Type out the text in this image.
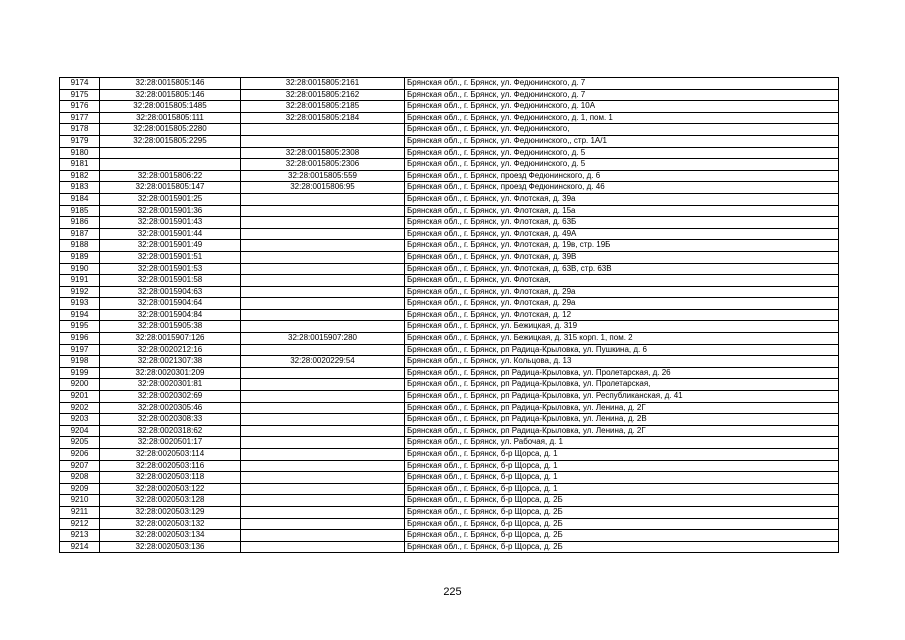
9174	32:28:0015805:146	32:28:0015805:2161	Брянская обл., г. Брянск, ул. Федюнинского, д. 7
9175	32:28:0015805:146	32:28:0015805:2162	Брянская обл., г. Брянск, ул. Федюнинского, д. 7
9176	32:28:0015805:1485	32:28:0015805:2185	Брянская обл., г. Брянск, ул. Федюнинского, д. 10А
9177	32:28:0015805:111	32:28:0015805:2184	Брянская обл., г. Брянск, ул. Федюнинского, д. 1, пом. 1
9178	32:28:0015805:2280		Брянская обл., г. Брянск, ул. Федюнинского,
9179	32:28:0015805:2295		Брянская обл., г. Брянск, ул. Федюнинского,, стр. 1А/1
9180		32:28:0015805:2308	Брянская обл., г. Брянск, ул. Федюнинского, д. 5
9181		32:28:0015805:2306	Брянская обл., г. Брянск, ул. Федюнинского, д. 5
9182	32:28:0015806:22	32:28:0015805:559	Брянская обл., г. Брянск, проезд Федюнинского, д. 6
9183	32:28:0015805:147	32:28:0015806:95	Брянская обл., г. Брянск, проезд Федюнинского, д. 46
9184	32:28:0015901:25		Брянская обл., г. Брянск, ул. Флотская, д. 39а
9185	32:28:0015901:36		Брянская обл., г. Брянск, ул. Флотская, д. 15а
9186	32:28:0015901:43		Брянская обл., г. Брянск, ул. Флотская, д. 63Б
9187	32:28:0015901:44		Брянская обл., г. Брянск, ул. Флотская, д. 49А
9188	32:28:0015901:49		Брянская обл., г. Брянск, ул. Флотская, д. 19в, стр. 19Б
9189	32:28:0015901:51		Брянская обл., г. Брянск, ул. Флотская, д. 39В
9190	32:28:0015901:53		Брянская обл., г. Брянск, ул. Флотская, д. 63В, стр. 63В
9191	32:28:0015901:58		Брянская обл., г. Брянск, ул. Флотская,
9192	32:28:0015904:63		Брянская обл., г. Брянск, ул. Флотская, д. 29а
9193	32:28:0015904:64		Брянская обл., г. Брянск, ул. Флотская, д. 29а
9194	32:28:0015904:84		Брянская обл., г. Брянск, ул. Флотская, д. 12
9195	32:28:0015905:38		Брянская обл., г. Брянск, ул. Бежицкая, д. 319
9196	32:28:0015907:126	32:28:0015907:280	Брянская обл., г. Брянск, ул. Бежицкая, д. 315 корп. 1, пом. 2
9197	32:28:0020212:16		Брянская обл., г. Брянск, рп Радица-Крыловка, ул. Пушкина, д. 6
9198	32:28:0021307:38	32:28:0020229:54	Брянская обл., г. Брянск, ул. Кольцова, д. 13
9199	32:28:0020301:209		Брянская обл., г. Брянск, рп Радица-Крыловка, ул. Пролетарская, д. 26
9200	32:28:0020301:81		Брянская обл., г. Брянск, рп Радица-Крыловка, ул. Пролетарская,
9201	32:28:0020302:69		Брянская обл., г. Брянск, рп Радица-Крыловка, ул. Республиканская, д. 41
9202	32:28:0020305:46		Брянская обл., г. Брянск, рп Радица-Крыловка, ул. Ленина, д. 2Г
9203	32:28:0020308:33		Брянская обл., г. Брянск, рп Радица-Крыловка, ул. Ленина, д. 2В
9204	32:28:0020318:62		Брянская обл., г. Брянск, рп Радица-Крыловка, ул. Ленина, д. 2Г
9205	32:28:0020501:17		Брянская обл., г. Брянск, ул. Рабочая, д. 1
9206	32:28:0020503:114		Брянская обл., г. Брянск, б-р Щорса, д. 1
9207	32:28:0020503:116		Брянская обл., г. Брянск, б-р Щорса, д. 1
9208	32:28:0020503:118		Брянская обл., г. Брянск, б-р Щорса, д. 1
9209	32:28:0020503:122		Брянская обл., г. Брянск, б-р Щорса, д. 1
9210	32:28:0020503:128		Брянская обл., г. Брянск, б-р Щорса, д. 2Б
9211	32:28:0020503:129		Брянская обл., г. Брянск, б-р Щорса, д. 2Б
9212	32:28:0020503:132		Брянская обл., г. Брянск, б-р Щорса, д. 2Б
9213	32:28:0020503:134		Брянская обл., г. Брянск, б-р Щорса, д. 2Б
9214	32:28:0020503:136		Брянская обл., г. Брянск, б-р Щорса, д. 2Б
225
